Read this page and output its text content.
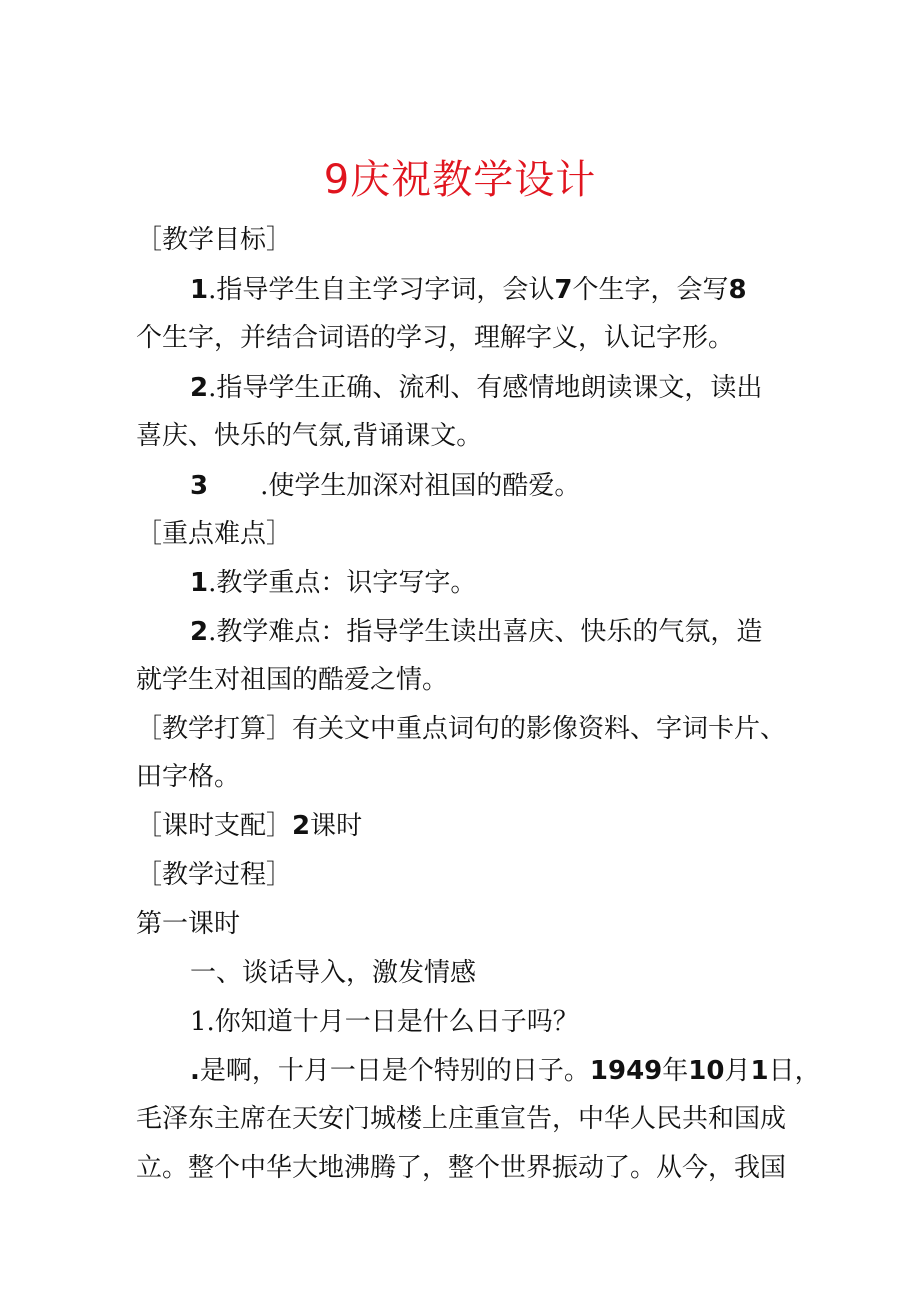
9庆祝教学设计
［教学目标］
1.指导学生自主学习字词，会认7个生字，会写8
个生字，并结合词语的学习，理解字义，认记字形。
2.指导学生正确、流利、有感情地朗读课文，读出
喜庆、快乐的气氛,背诵课文。
3 .使学生加深对祖国的酷爱。
［重点难点］
1.教学重点：识字写字。
2.教学难点：指导学生读出喜庆、快乐的气氛，造
就学生对祖国的酷爱之情。
［教学打算］有关文中重点词句的影像资料、字词卡片、
田字格。
［课时支配］2课时
［教学过程］
第一课时
一、谈话导入，激发情感
1.你知道十月一日是什么日子吗？
.是啊，十月一日是个特别的日子。1949年10月1日，
毛泽东主席在天安门城楼上庄重宣告，中华人民共和国成
立。整个中华大地沸腾了，整个世界振动了。从今，我国
